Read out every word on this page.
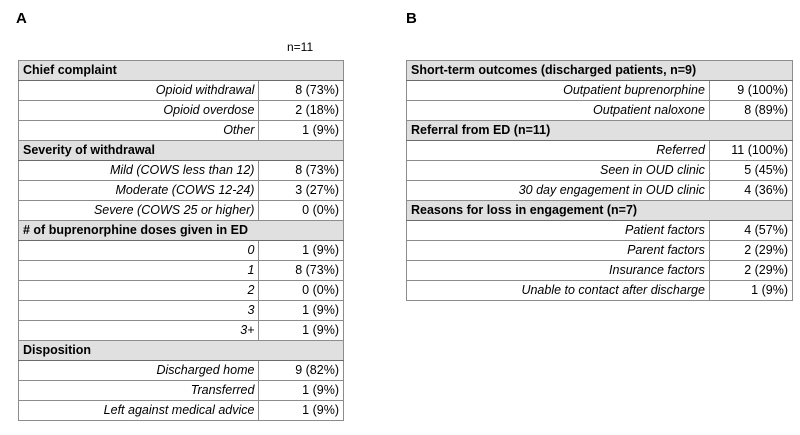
A	B
n=11
Chief complaint	
Opioid withdrawal	8 (73%)
Opioid overdose	2 (18%)
Other	1 (9%)
Severity of withdrawal	
Mild (COWS less than 12)	8 (73%)
Moderate (COWS 12-24)	3 (27%)
Severe (COWS 25 or higher)	0 (0%)
# of buprenorphine doses given in ED	
0	1 (9%)
1	8 (73%)
2	0 (0%)
3	1 (9%)
3+	1 (9%)
Disposition	
Discharged home	9 (82%)
Transferred	1 (9%)
Left against medical advice	1 (9%)
Short-term outcomes (discharged patients, n=9)	
Outpatient buprenorphine	9 (100%)
Outpatient naloxone	8 (89%)
Referral from ED (n=11)	
Referred	11 (100%)
Seen in OUD clinic	5 (45%)
30 day engagement in OUD clinic	4 (36%)
Reasons for loss in engagement (n=7)	
Patient factors	4 (57%)
Parent factors	2 (29%)
Insurance factors	2 (29%)
Unable to contact after discharge	1 (9%)
